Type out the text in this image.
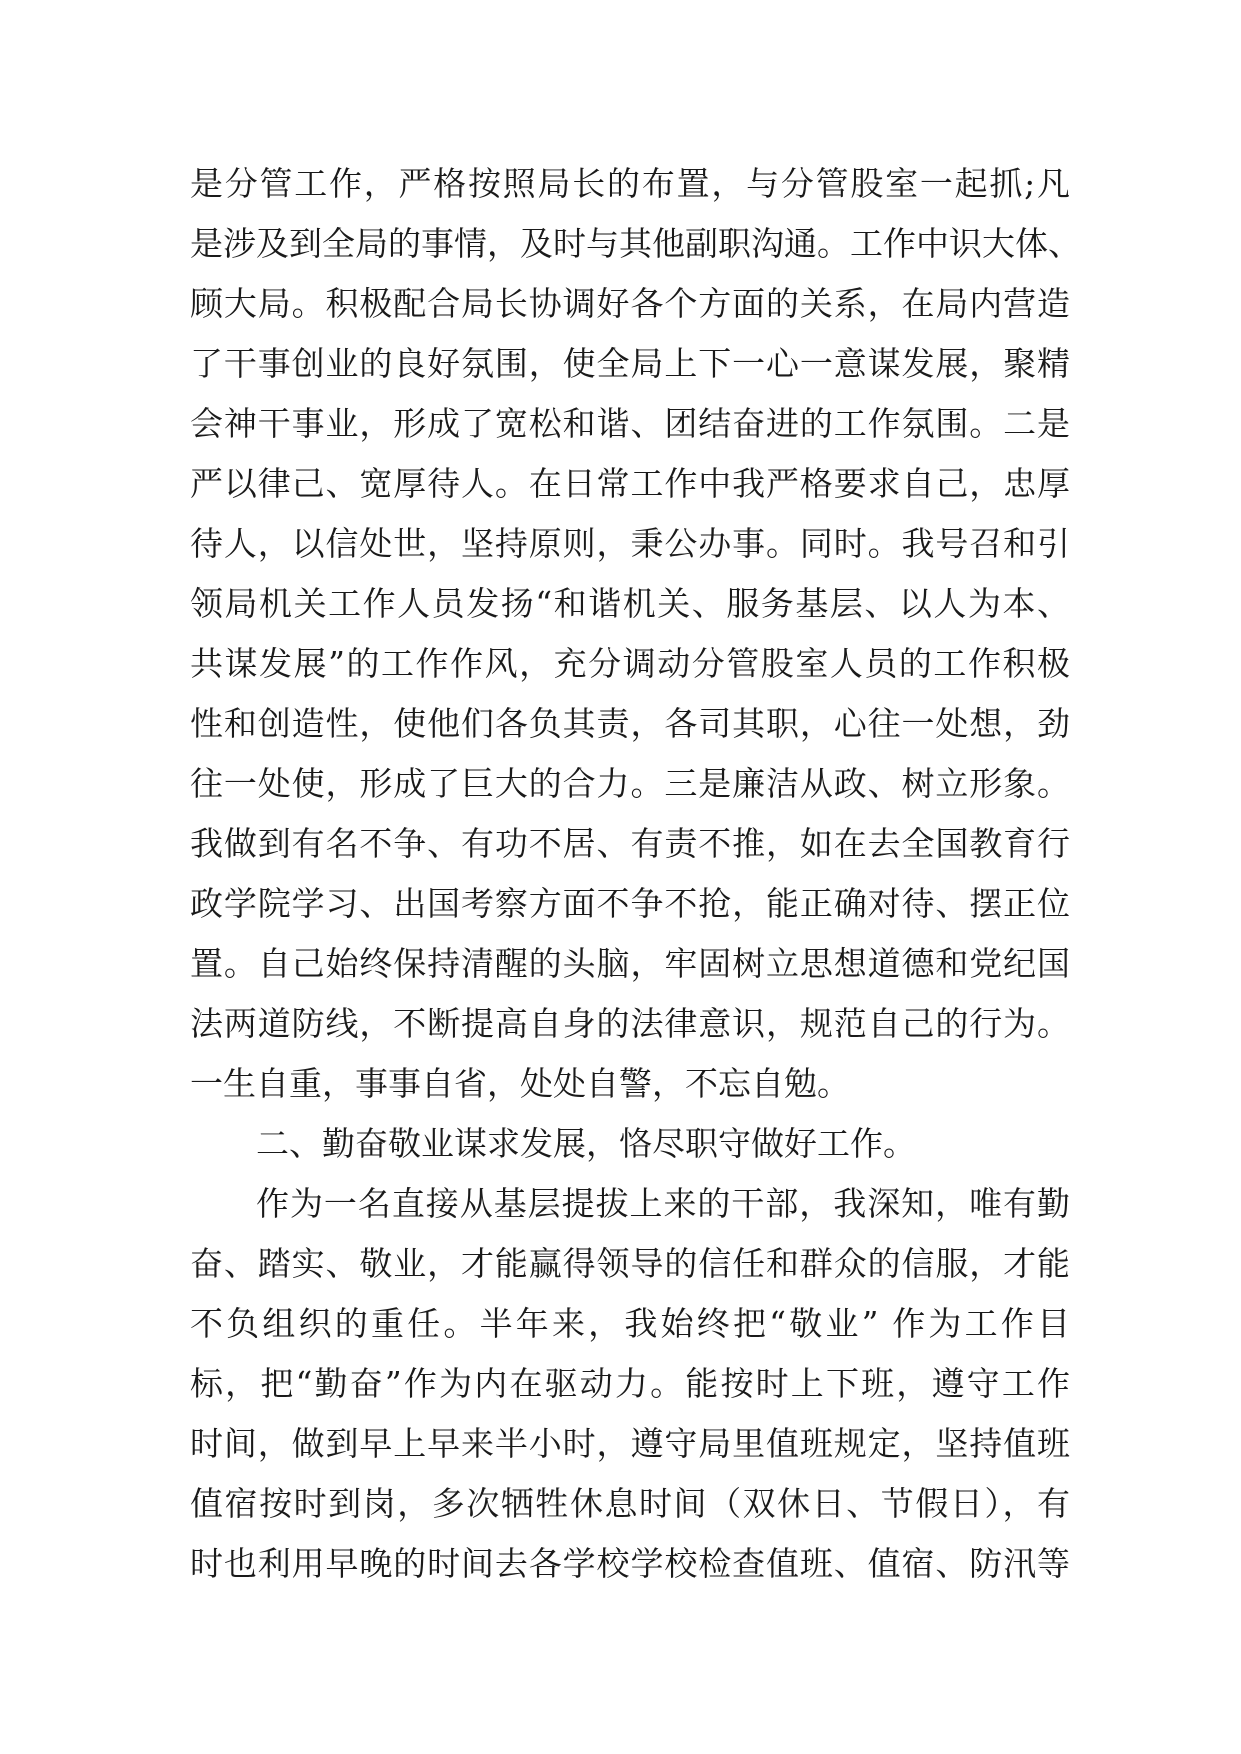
是分管工作，严格按照局长的布置，与分管股室一起抓;凡
是涉及到全局的事情，及时与其他副职沟通。工作中识大体、
顾大局。积极配合局长协调好各个方面的关系，在局内营造
了干事创业的良好氛围，使全局上下一心一意谋发展，聚精
会神干事业，形成了宽松和谐、团结奋进的工作氛围。二是
严以律己、宽厚待人。在日常工作中我严格要求自己，忠厚
待人，以信处世，坚持原则，秉公办事。同时。我号召和引
领局机关工作人员发扬“和谐机关、服务基层、以人为本、
共谋发展”的工作作风，充分调动分管股室人员的工作积极
性和创造性，使他们各负其责，各司其职，心往一处想，劲
往一处使，形成了巨大的合力。三是廉洁从政、树立形象。
我做到有名不争、有功不居、有责不推，如在去全国教育行
政学院学习、出国考察方面不争不抢，能正确对待、摆正位
置。自己始终保持清醒的头脑，牢固树立思想道德和党纪国
法两道防线，不断提高自身的法律意识，规范自己的行为。
一生自重，事事自省，处处自警，不忘自勉。
二、勤奋敬业谋求发展，恪尽职守做好工作。
作为一名直接从基层提拔上来的干部，我深知，唯有勤
奋、踏实、敬业，才能赢得领导的信任和群众的信服，才能
不负组织的重任。半年来，我始终把“敬业” 作为工作目
标，把“勤奋”作为内在驱动力。能按时上下班，遵守工作
时间，做到早上早来半小时，遵守局里值班规定，坚持值班
值宿按时到岗，多次牺牲休息时间（双休日、节假日），有
时也利用早晚的时间去各学校学校检查值班、值宿、防汛等
